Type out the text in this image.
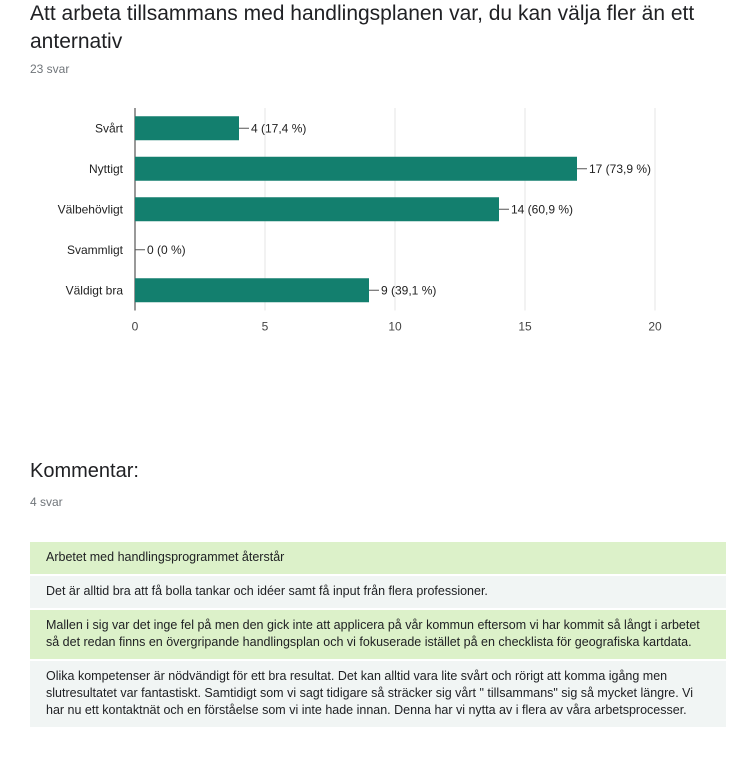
Att arbeta tillsammans med handlingsplanen var, du kan välja fler än ett anternativ
23 svar
0	5	10	15	20
Svårt	4 (17,4 %)
Nyttigt	17 (73,9 %)
Välbehövligt	14 (60,9 %)
Svammligt 0 (0 %)
Väldigt bra	9 (39,1 %)
Kommentar:
4 svar
Arbetet med handlingsprogrammet återstår
Det är alltid bra att få bolla tankar och idéer samt få input från flera professioner.
Mallen i sig var det inge fel på men den gick inte att applicera på vår kommun eftersom vi har kommit så långt i arbetet så det redan finns en övergripande handlingsplan och vi fokuserade istället på en checklista för geografiska kartdata.
Olika kompetenser är nödvändigt för ett bra resultat. Det kan alltid vara lite svårt och rörigt att komma igång men slutresultatet var fantastiskt. Samtidigt som vi sagt tidigare så sträcker sig vårt " tillsammans" sig så mycket längre. Vi har nu ett kontaktnät och en förståelse som vi inte hade innan. Denna har vi nytta av i flera av våra arbetsprocesser.
